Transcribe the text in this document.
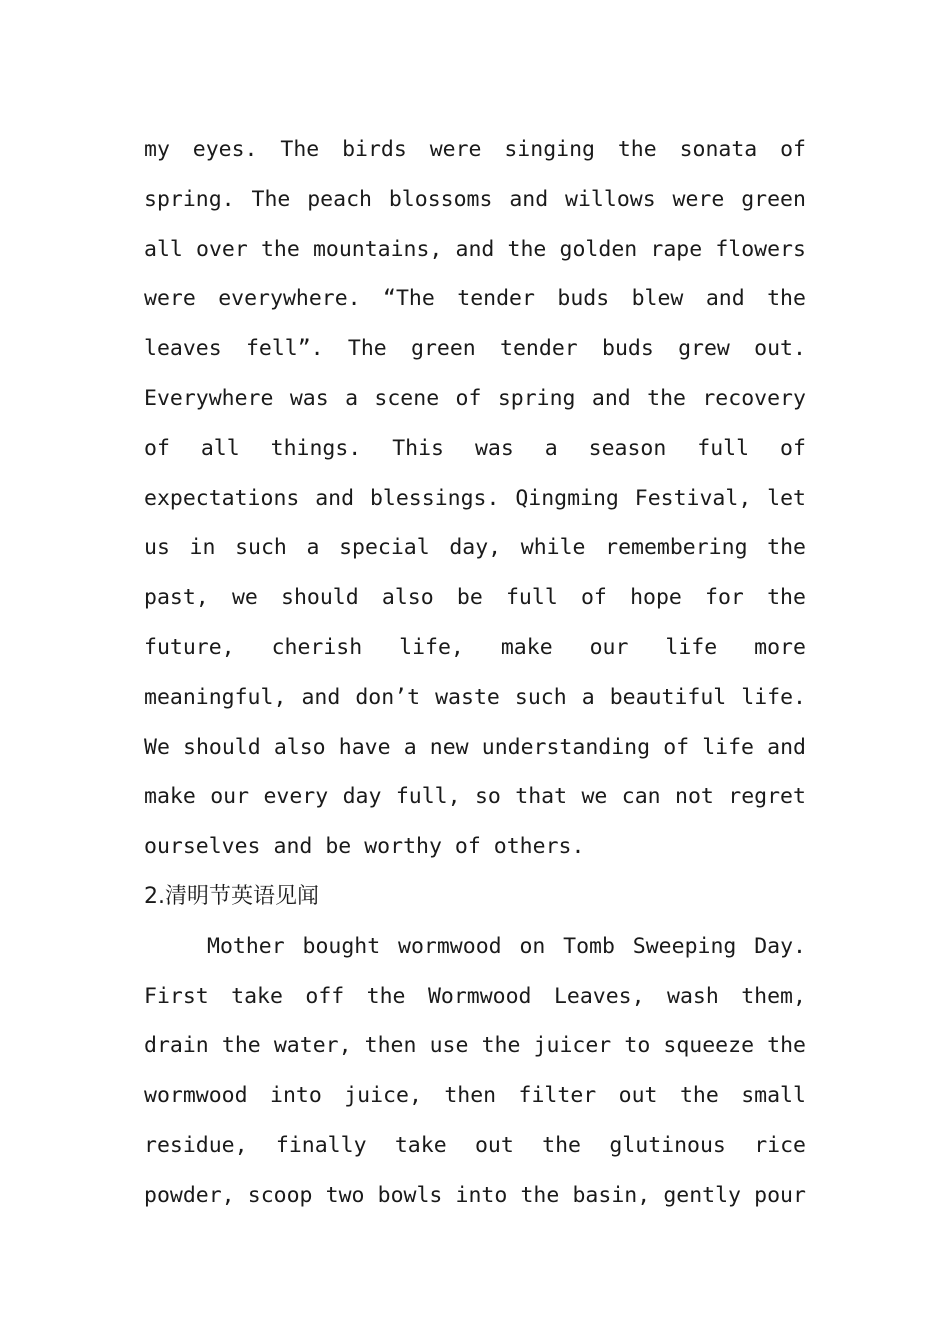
my eyes. The birds were singing the sonata of
spring. The peach blossoms and willows were green
all over the mountains, and the golden rape flowers
were everywhere. “The tender buds blew and the
leaves fell”. The green tender buds grew out.
Everywhere was a scene of spring and the recovery
of all things. This was a season full of
expectations and blessings. Qingming Festival, let
us in such a special day, while remembering the
past, we should also be full of hope for the
future, cherish life, make our life more
meaningful, and don’t waste such a beautiful life.
We should also have a new understanding of life and
make our every day full, so that we can not regret
ourselves and be worthy of others.
2.清明节英语见闻
Mother bought wormwood on Tomb Sweeping Day.
First take off the Wormwood Leaves, wash them,
drain the water, then use the juicer to squeeze the
wormwood into juice, then filter out the small
residue, finally take out the glutinous rice
powder, scoop two bowls into the basin, gently pour
